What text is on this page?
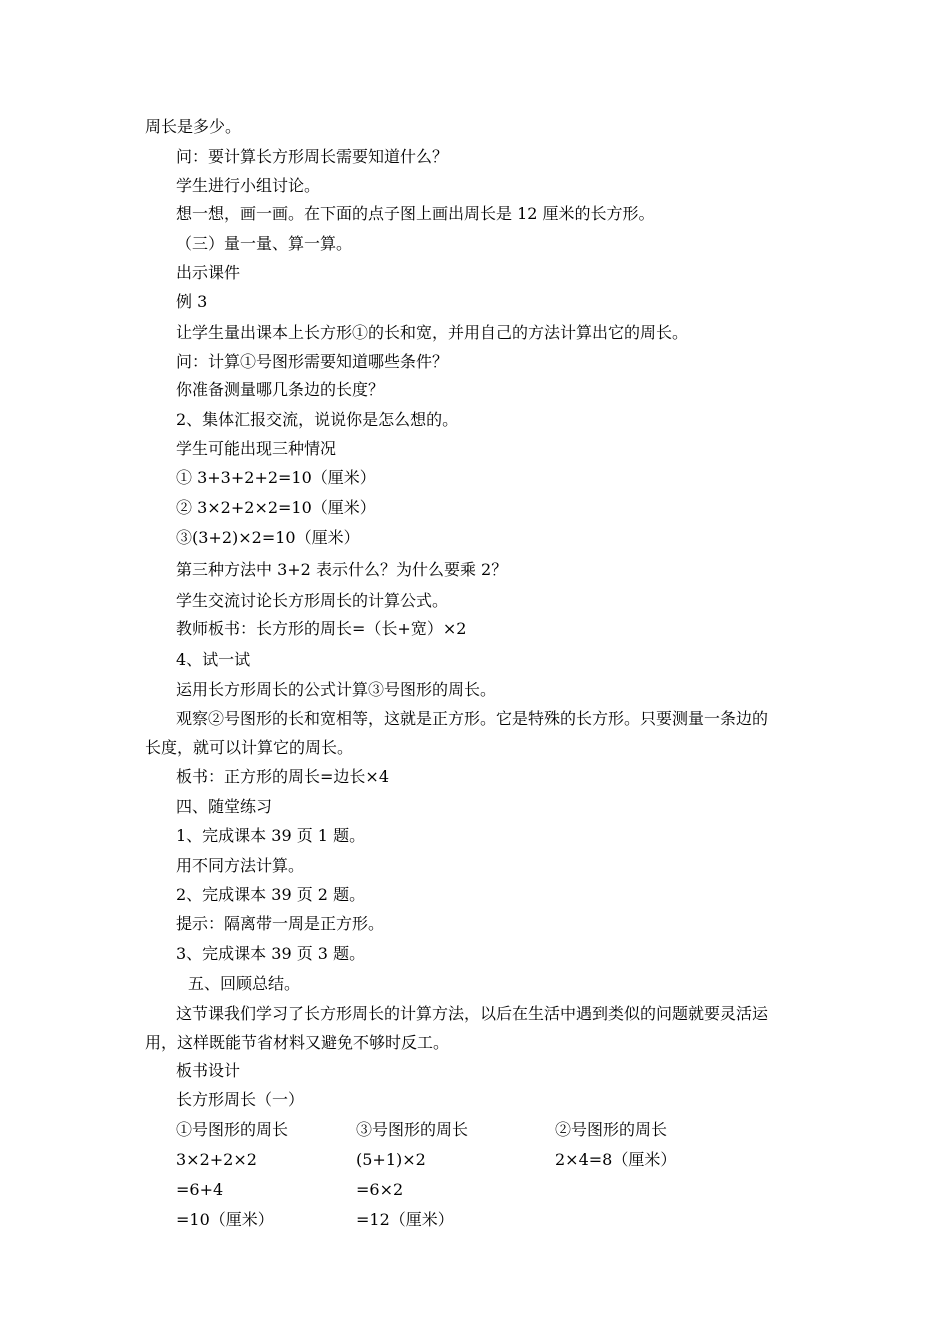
周长是多少。
问：要计算长方形周长需要知道什么？
学生进行小组讨论。
想一想，画一画。在下面的点子图上画出周长是 12 厘米的长方形。
（三）量一量、算一算。
出示课件
例 3
让学生量出课本上长方形①的长和宽，并用自己的方法计算出它的周长。
问：计算①号图形需要知道哪些条件？
你准备测量哪几条边的长度？
2、集体汇报交流，说说你是怎么想的。
学生可能出现三种情况
① 3+3+2+2=10（厘米）
② 3×2+2×2=10（厘米）
③(3+2)×2=10（厘米）
第三种方法中 3+2 表示什么？为什么要乘 2？
学生交流讨论长方形周长的计算公式。
教师板书：长方形的周长=（长+宽）×2
4、试一试
运用长方形周长的公式计算③号图形的周长。
观察②号图形的长和宽相等，这就是正方形。它是特殊的长方形。只要测量一条边的
长度，就可以计算它的周长。
板书：正方形的周长=边长×4
四、随堂练习
1、完成课本 39 页 1 题。
用不同方法计算。
2、完成课本 39 页 2 题。
提示：隔离带一周是正方形。
3、完成课本 39 页 3 题。
五、回顾总结。
这节课我们学习了长方形周长的计算方法，以后在生活中遇到类似的问题就要灵活运
用，这样既能节省材料又避免不够时反工。
板书设计
长方形周长（一）
①号图形的周长	③号图形的周长	②号图形的周长
3×2+2×2	(5+1)×2	2×4=8（厘米）
=6+4	=6×2
=10（厘米）	=12（厘米）
